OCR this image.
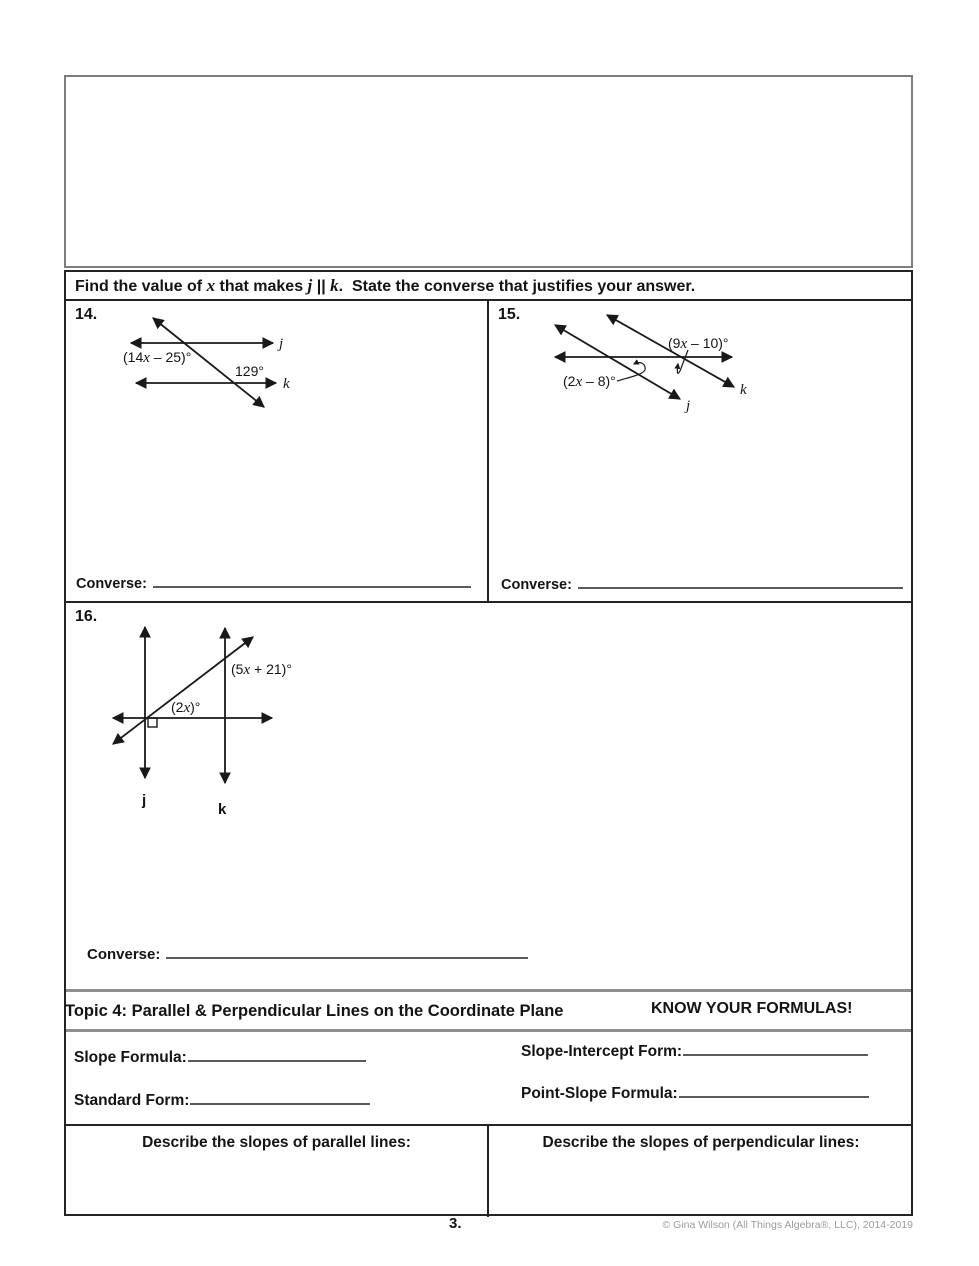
Find the value of x that makes j || k.  State the converse that justifies your answer.
14.
Converse:
15.
Converse:
16.
Converse:
Topic 4: Parallel & Perpendicular Lines on the Coordinate Plane	KNOW YOUR FORMULAS!
Slope Formula:
Standard Form:
Slope-Intercept Form:
Point-Slope Formula:
Describe the slopes of parallel lines:	Describe the slopes of perpendicular lines:
(14x – 25)°
129°
j
k
(9x – 10)°
(2x – 8)°
j
k
(2x)°
(5x + 21)°
j
k
3.	© Gina Wilson (All Things Algebra®, LLC), 2014-2019
